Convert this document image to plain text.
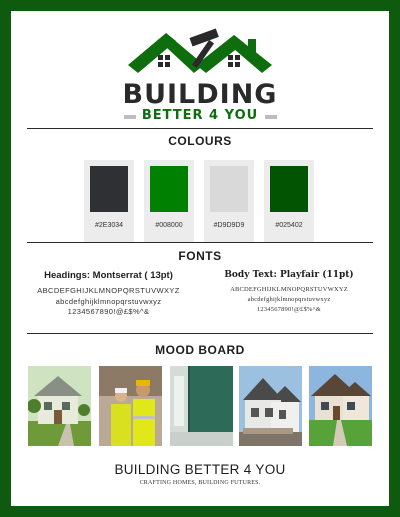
BUILDING
BETTER 4 YOU
COLOURS
#2E3034	#008000	#D9D9D9	#025402
FONTS
Headings: Montserrat ( 13pt)
ABCDEFGHIJKLMNOPQRSTUVWXYZ
abcdefghijklmnopqrstuvwxyz
1234567890!@£$%^&
Body Text: Playfair (11pt)
ABCDEFGHIJKLMNOPQRSTUVWXYZ
abcdefghijklmnopqrstuvwxyz
1234567890!@£$%^&
MOOD BOARD
BUILDING BETTER 4 YOU
CRAFTING HOMES, BUILDING FUTURES.
